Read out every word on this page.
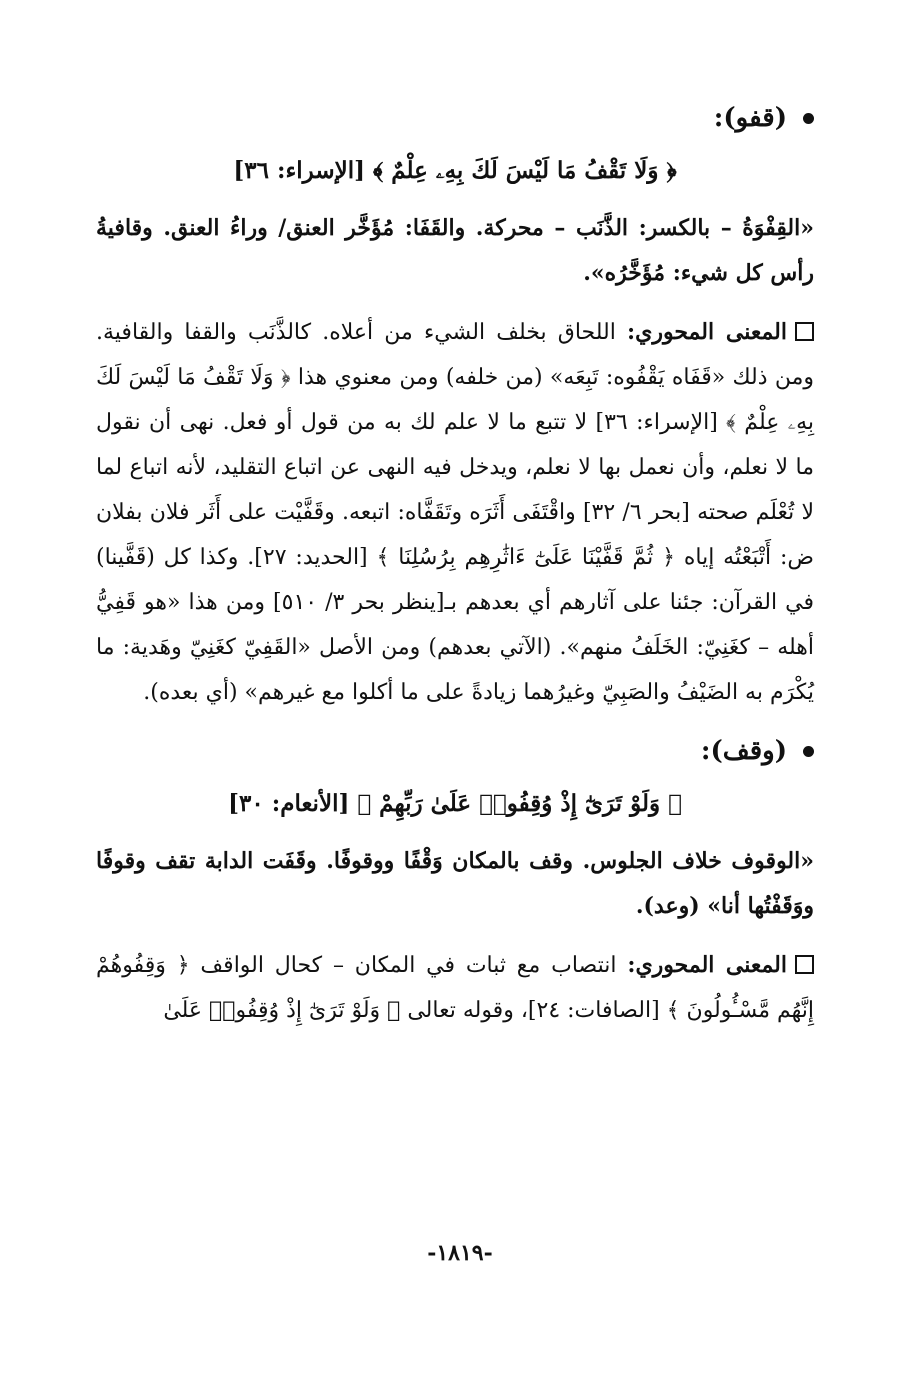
(قفو):
﴿ وَلَا تَقْفُ مَا لَيْسَ لَكَ بِهِۦ عِلْمٌ ﴾ [الإسراء: ٣٦]

«القِفْوَةُ – بالكسر: الذَّنَب – محركة. والقَفَا: مُؤَخَّر العنق/ وراءُ العنق. وقافيةُ رأس كل شيء: مُؤَخَّرُه».

المعنى المحوري: اللحاق بخلف الشيء من أعلاه. كالذَّنَب والقفا والقافية. ومن ذلك «قَفَاه يَقْفُوه: تَبِعَه» (من خلفه) ومن معنوي هذا ﴿ وَلَا تَقْفُ مَا لَيْسَ لَكَ بِهِۦ عِلْمٌ ﴾ [الإسراء: ٣٦] لا تتبع ما لا علم لك به من قول أو فعل. نهى أن نقول ما لا نعلم، وأن نعمل بها لا نعلم، ويدخل فيه النهى عن اتباع التقليد، لأنه اتباع لما لا تُعْلَم صحته [بحر ٦/ ٣٢] واقْتَفَى أَثَرَه وتَقَفَّاه: اتبعه. وقَفَّيْت على أَثَر فلان بفلان ض: أَتْبَعْتُه إياه ﴿ ثُمَّ قَفَّيْنَا عَلَىٰٓ ءَاثَٰرِهِم بِرُسُلِنَا ﴾ [الحديد: ٢٧]. وكذا كل (قَفَّينا) في القرآن: جئنا على آثارهم أي بعدهم بـ[ينظر بحر ٣/ ٥١٠] ومن هذا «هو قَفِيُّ أهله – كغَنِيّ: الخَلَفُ منهم». (الآتي بعدهم) ومن الأصل «القَفِيّ كغَنِيّ وهَدية: ما يُكْرَم به الضَيْفُ والصَبِيّ وغيرُهما زيادةً على ما أكلوا مع غيرهم» (أي بعده).

(وقف):
﴿ وَلَوْ تَرَىٰٓ إِذْ وُقِفُوا۟ عَلَىٰ رَبِّهِمْ ﴾ [الأنعام: ٣٠]

«الوقوف خلاف الجلوس. وقف بالمكان وَقْفًا ووقوفًا. وقَفَت الدابة تقف وقوفًا ووَقَفْتُها أنا» (وعد).

المعنى المحوري: انتصاب مع ثبات في المكان – كحال الواقف ﴿ وَقِفُوهُمْ إِنَّهُم مَّسْـُٔولُونَ ﴾ [الصافات: ٢٤]، وقوله تعالى ﴿ وَلَوْ تَرَىٰٓ إِذْ وُقِفُوا۟ عَلَىٰ

-١٨١٩-
